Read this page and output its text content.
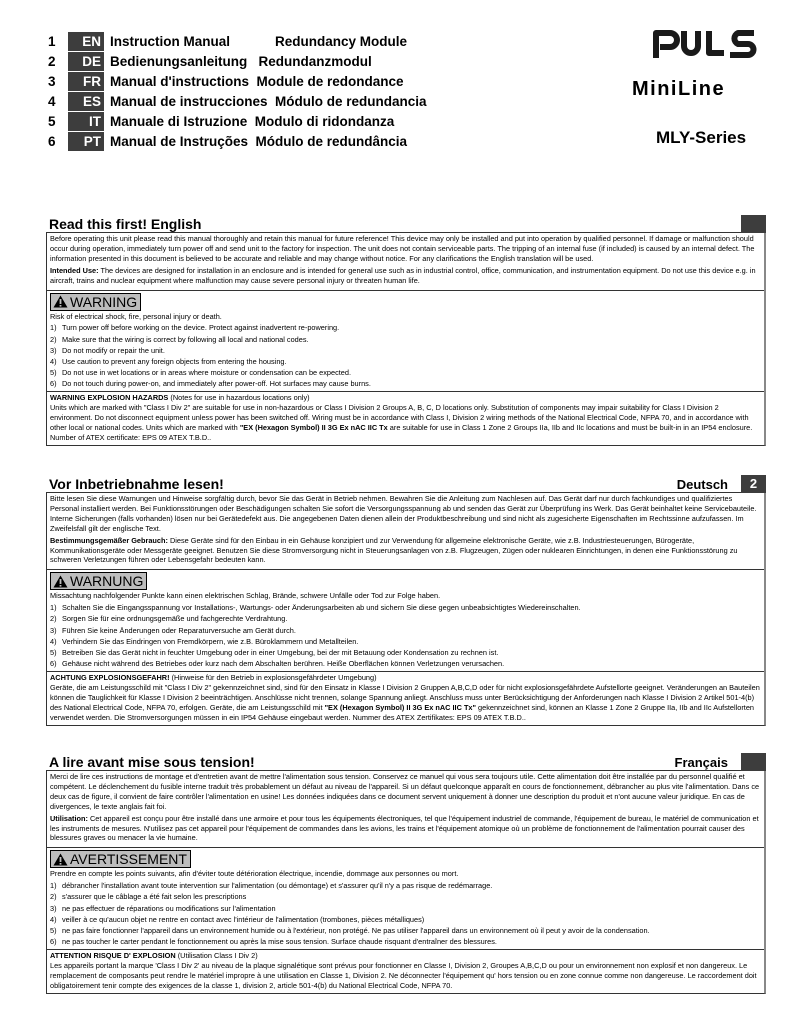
1	EN Instruction Manual            Redundancy Module
2	DE Bedienungsanleitung   Redundanzmodul
3	FR Manual d'instructions  Module de redondance
4	ES Manual de instrucciones  Módulo de redundancia
5	IT Manuale di Istruzione  Modulo di ridondanza
6	PT Manual de Instruções  Módulo de redundância
MiniLine
MLY-Series
Read this first! English

Before operating this unit please read this manual thoroughly and retain this manual for future reference! This device may only be installed and put into operation by qualified personnel. If damage or malfunction should occur during operation, immediately turn power off and send unit to the factory for inspection. The unit does not contain serviceable parts. The tripping of an internal fuse (if included) is caused by an internal defect. The information presented in this document is believed to be accurate and reliable and may change without notice. For any clarifications the English translation will be used.

Intended Use: The devices are designed for installation in an enclosure and is intended for general use such as in industrial control, office, communication, and instrumentation equipment. Do not use this device e.g. in aircraft, trains and nuclear equipment where malfunction may cause severe personal injury or threaten human life.

WARNING

Risk of electrical shock, fire, personal injury or death.

1) Turn power off before working on the device. Protect against inadvertent re-powering.
2) Make sure that the wiring is correct by following all local and national codes.
3) Do not modify or repair the unit.
4) Use caution to prevent any foreign objects from entering the housing.
5) Do not use in wet locations or in areas where moisture or condensation can be expected.
6) Do not touch during power-on, and immediately after power-off. Hot surfaces may cause burns.

WARNING EXPLOSION HAZARDS (Notes for use in hazardous locations only)
Units which are marked with "Class I Div 2" are suitable for use in non-hazardous or Class I Division 2 Groups A, B, C, D locations only. Substitution of components may impair suitability for Class I Division 2 environment. Do not disconnect equipment unless power has been switched off. Wiring must be in accordance with Class I, Division 2 wiring methods of the National Electrical Code, NFPA 70, and in accordance with other local or national codes. Units which are marked with "EX (Hexagon Symbol) II 3G Ex nAC IIC Tx are suitable for use in Class 1 Zone 2 Groups IIa, IIb and IIc locations and must be built-in in an IP54 enclosure. Number of ATEX certificate: EPS 09 ATEX T.B.D..

Vor Inbetriebnahme lesen!	Deutsch	2

Bitte lesen Sie diese Warnungen und Hinweise sorgfältig durch, bevor Sie das Gerät in Betrieb nehmen. Bewahren Sie die Anleitung zum Nachlesen auf. Das Gerät darf nur durch fachkundiges und qualifiziertes Personal installiert werden. Bei Funktionsstörungen oder Beschädigungen schalten Sie sofort die Versorgungsspannung ab und senden das Gerät zur Überprüfung ins Werk. Das Gerät beinhaltet keine Servicebauteile. Interne Sicherungen (falls vorhanden) lösen nur bei Gerätedefekt aus. Die angegebenen Daten dienen allein der Produktbeschreibung und sind nicht als zugesicherte Eigenschaften im Rechtssinne aufzufassen. Im Zweifelsfall gilt der englische Text.

Bestimmungsgemäßer Gebrauch: Diese Geräte sind für den Einbau in ein Gehäuse konzipiert und zur Verwendung für allgemeine elektronische Geräte, wie z.B. Industriesteuerungen, Bürogeräte, Kommunikationsgeräte oder Messgeräte geeignet. Benutzen Sie diese Stromversorgung nicht in Steuerungsanlagen von z.B. Flugzeugen, Zügen oder nuklearen Einrichtungen, in denen eine Funktionsstörung zu schweren Verletzungen führen oder Lebensgefahr bedeuten kann.

WARNUNG

Missachtung nachfolgender Punkte kann einen elektrischen Schlag, Brände, schwere Unfälle oder Tod zur Folge haben.

1) Schalten Sie die Eingangsspannung vor Installations-, Wartungs- oder Änderungsarbeiten ab und sichern Sie diese gegen unbeabsichtigtes Wiedereinschalten.
2) Sorgen Sie für eine ordnungsgemäße und fachgerechte Verdrahtung.
3) Führen Sie keine Änderungen oder Reparaturversuche am Gerät durch.
4) Verhindern Sie das Eindringen von Fremdkörpern, wie z.B. Büroklammern und Metallteilen.
5) Betreiben Sie das Gerät nicht in feuchter Umgebung oder in einer Umgebung, bei der mit Betauung oder Kondensation zu rechnen ist.
6) Gehäuse nicht während des Betriebes oder kurz nach dem Abschalten berühren. Heiße Oberflächen können Verletzungen verursachen.

ACHTUNG EXPLOSIONSGEFAHR! (Hinweise für den Betrieb in explosionsgefährdeter Umgebung)
Geräte, die am Leistungsschild mit "Class I Div 2" gekennzeichnet sind, sind für den Einsatz in Klasse I Division 2 Gruppen A,B,C,D oder für nicht explosionsgefährdete Aufstellorte geeignet. Veränderungen an Bauteilen können die Tauglichkeit für Klasse I Division 2 beeinträchtigen. Anschlüsse nicht trennen, solange Spannung anliegt. Anschluss muss unter Berücksichtigung der Anforderungen nach Klasse I Division 2 Artikel 501-4(b) des National Electrical Code, NFPA 70, erfolgen. Geräte, die am Leistungsschild mit "EX (Hexagon Symbol) II 3G Ex nAC IIC Tx" gekennzeichnet sind, können an Klasse 1 Zone 2 Gruppe IIa, IIb and IIc Aufstellorten verwendet werden. Die Stromversorgungen müssen in ein IP54 Gehäuse eingebaut werden. Nummer des ATEX Zertifikates: EPS 09 ATEX T.B.D..

A lire avant mise sous tension!	Français

Merci de lire ces instructions de montage et d'entretien avant de mettre l'alimentation sous tension. Conservez ce manuel qui vous sera toujours utile. Cette alimentation doit être installée par du personnel qualifié et compétent. Le déclenchement du fusible interne traduit très probablement un défaut au niveau de l'appareil. Si un défaut quelconque apparaît en cours de fonctionnement, débrancher au plus vite l'alimentation. Dans ce deux cas de figure, il convient de faire contrôler l'alimentation en usine! Les données indiquées dans ce document servent uniquement à donner une description du produit et n'ont aucune valeur juridique. En cas de divergences, le texte anglais fait foi.

Utilisation: Cet appareil est conçu pour être installé dans une armoire et pour tous les équipements électroniques, tel que l'équipement industriel de commande, l'équipement de bureau, le matériel de communication et les instruments de mesures. N'utilisez pas cet appareil pour l'équipement de commandes dans les avions, les trains et l'équipement atomique où un problème de fonctionnement de l'alimentation pourrait causer des blessures graves ou menacer la vie humaine.

AVERTISSEMENT

Prendre en compte les points suivants, afin d'éviter toute détérioration électrique, incendie, dommage aux personnes ou mort.

1) débrancher l'installation avant toute intervention sur l'alimentation (ou démontage) et s'assurer qu'il n'y a pas risque de redémarrage.
2) s'assurer que le câblage a été fait selon les prescriptions
3) ne pas effectuer de réparations ou modifications sur l'alimentation
4) veiller à ce qu'aucun objet ne rentre en contact avec l'intérieur de l'alimentation (trombones, pièces métalliques)
5) ne pas faire fonctionner l'appareil dans un environnement humide ou à l'extérieur, non protégé. Ne pas utiliser l'appareil dans un environnement où il peut y avoir de la condensation.
6) ne pas toucher le carter pendant le fonctionnement ou après la mise sous tension. Surface chaude risquant d'entraîner des blessures.

ATTENTION RISQUE D' EXPLOSION (Utilisation Class I Div 2)
Les appareils portant la marque 'Class I Div 2' au niveau de la plaque signalétique sont prévus pour fonctionner en Classe I, Division 2, Groupes A,B,C,D ou pour un environnement non explosif et non dangereux. Le remplacement de composants peut rendre le matériel impropre à une utilisation en Classe 1, Division 2. Ne déconnecter l'équipement qu' hors tension ou en zone connue comme non dangereuse. Le raccordement doit obligatoirement tenir compte des exigences de la classe 1, division 2, article 501-4(b) du National Electrical Code, NFPA 70.
